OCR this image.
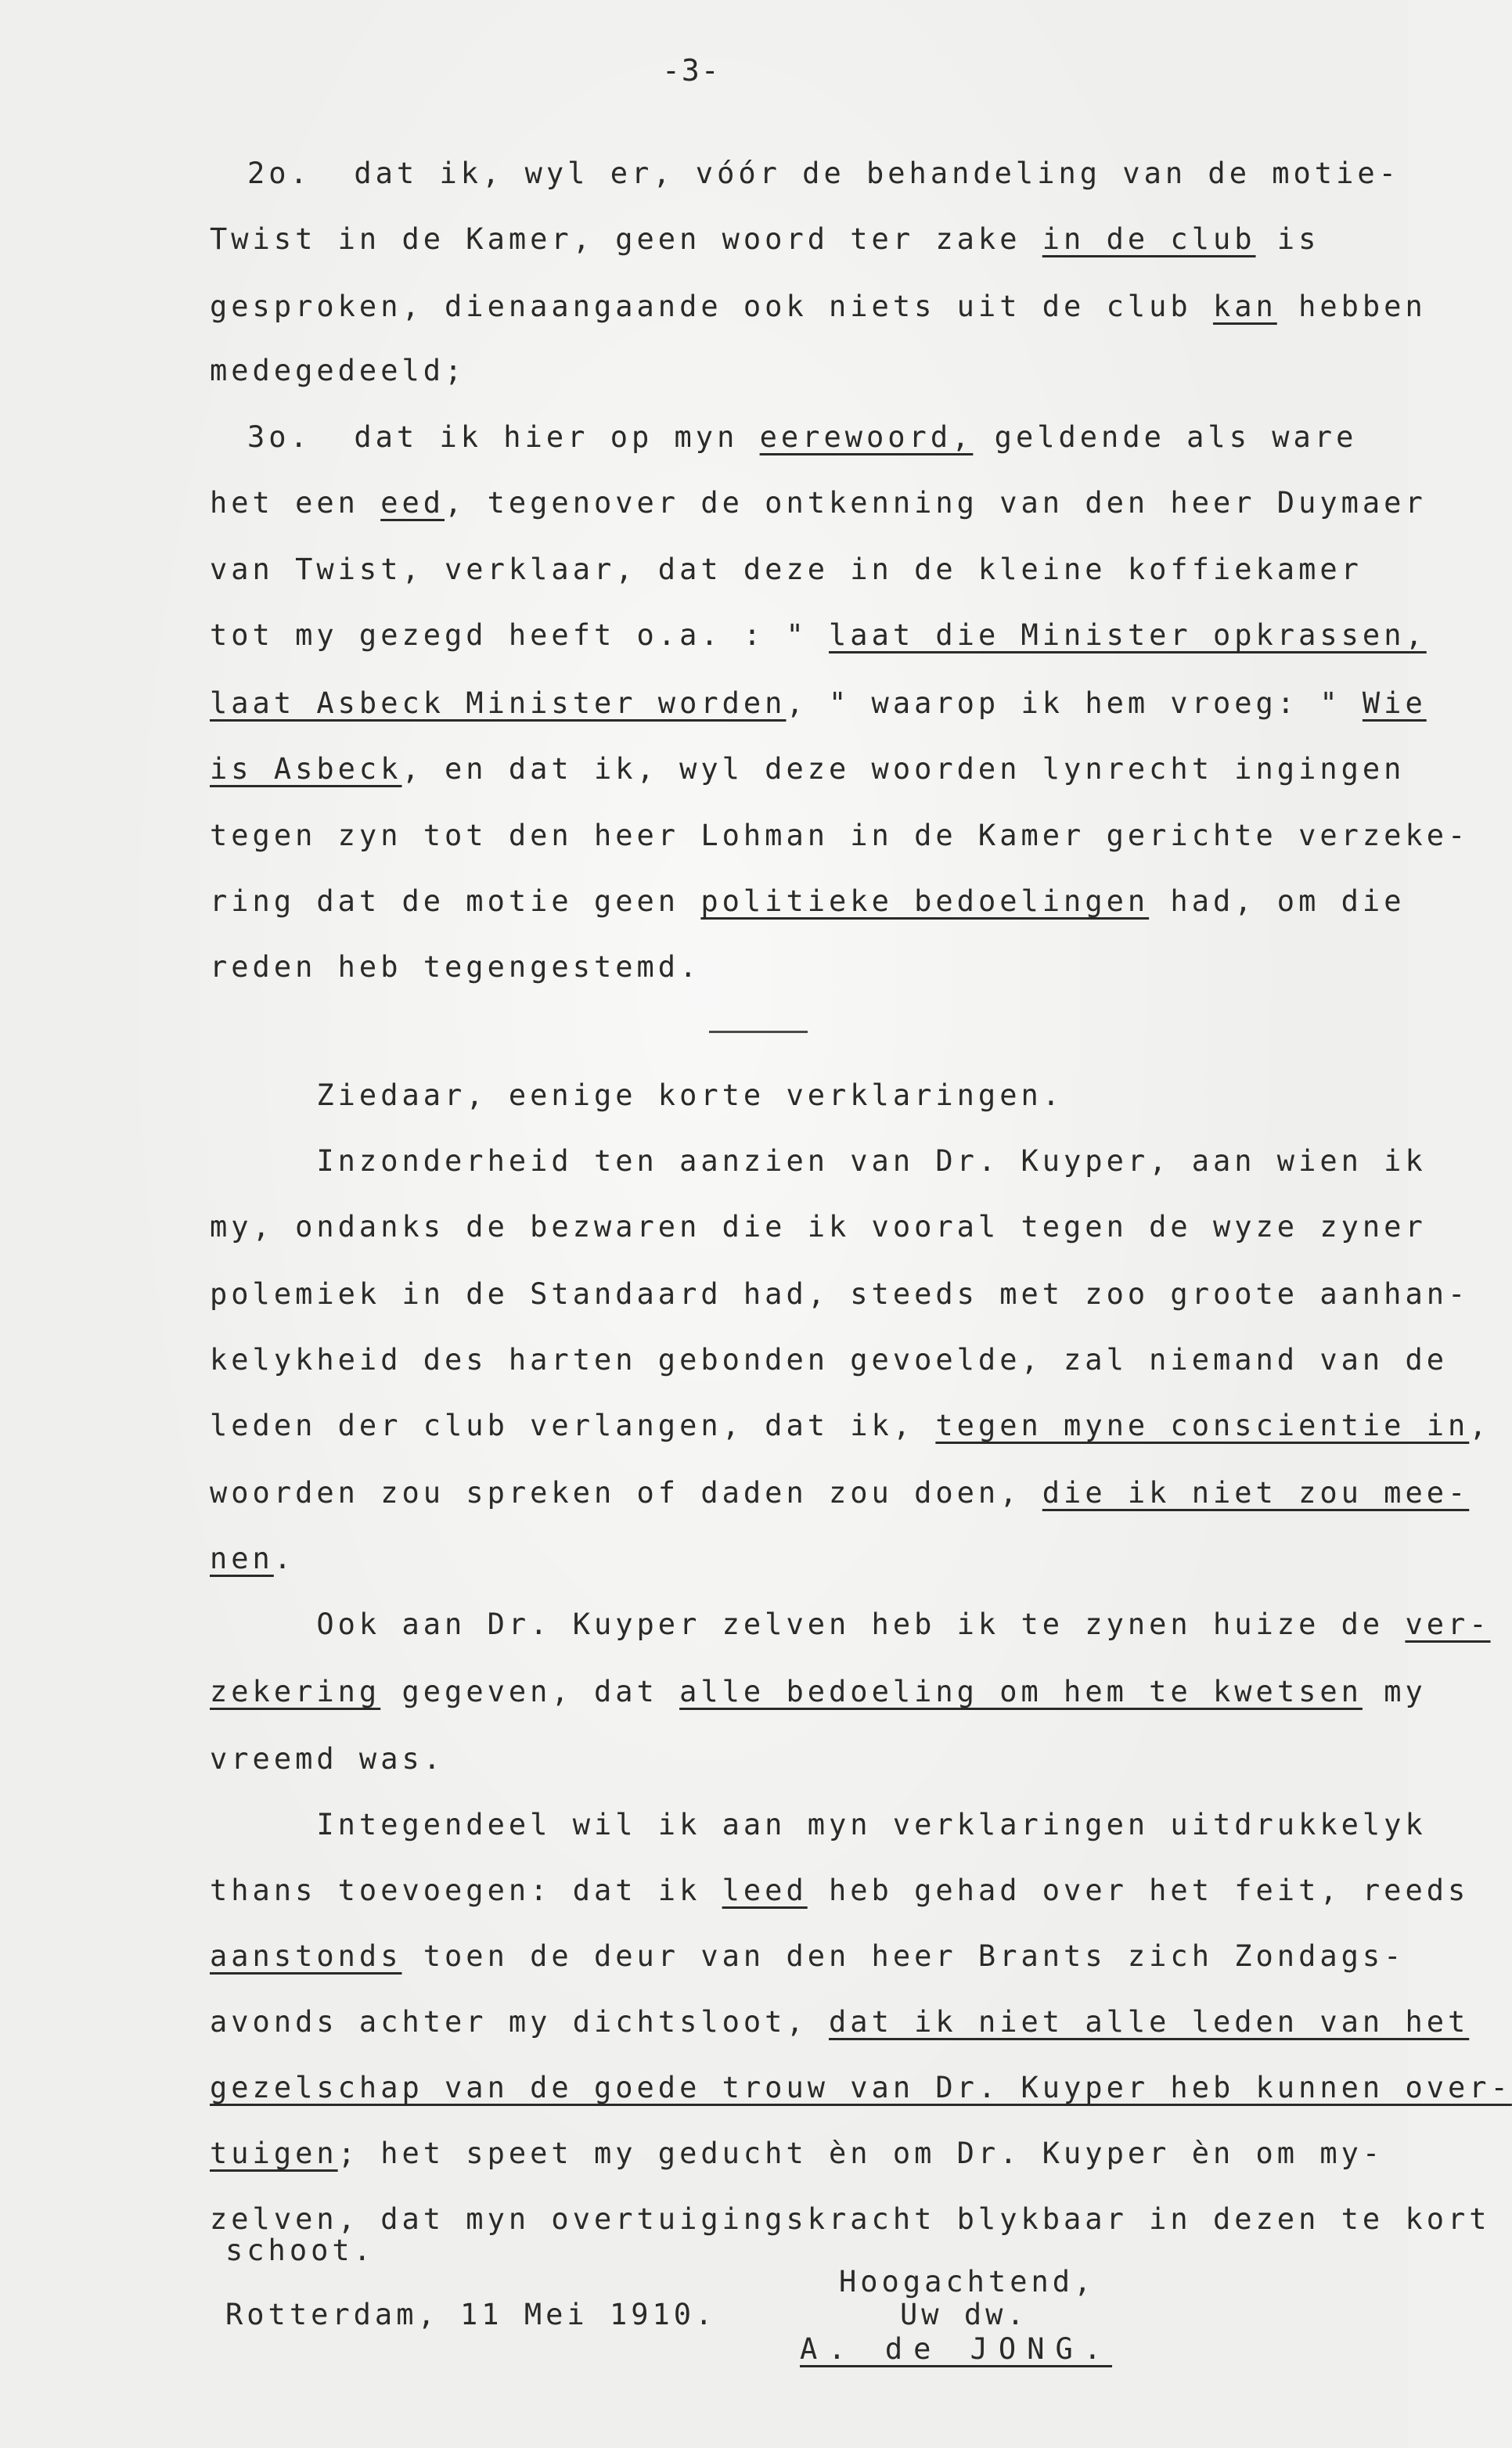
-3-
2o.  dat ik, wyl er, vóór de behandeling van de motie-
Twist in de Kamer, geen woord ter zake in de club is
gesproken, dienaangaande ook niets uit de club kan hebben
medegedeeld;
3o.  dat ik hier op myn eerewoord, geldende als ware
het een eed, tegenover de ontkenning van den heer Duymaer
van Twist, verklaar, dat deze in de kleine koffiekamer
tot my gezegd heeft o.a. : " laat die Minister opkrassen,
laat Asbeck Minister worden, " waarop ik hem vroeg: " Wie
is Asbeck, en dat ik, wyl deze woorden lynrecht ingingen
tegen zyn tot den heer Lohman in de Kamer gerichte verzeke-
ring dat de motie geen politieke bedoelingen had, om die
reden heb tegengestemd.
Ziedaar, eenige korte verklaringen.
Inzonderheid ten aanzien van Dr. Kuyper, aan wien ik
my, ondanks de bezwaren die ik vooral tegen de wyze zyner
polemiek in de Standaard had, steeds met zoo groote aanhan-
kelykheid des harten gebonden gevoelde, zal niemand van de
leden der club verlangen, dat ik, tegen myne conscientie in,
woorden zou spreken of daden zou doen, die ik niet zou mee-
nen.
Ook aan Dr. Kuyper zelven heb ik te zynen huize de ver-
zekering gegeven, dat alle bedoeling om hem te kwetsen my
vreemd was.
Integendeel wil ik aan myn verklaringen uitdrukkelyk
thans toevoegen: dat ik leed heb gehad over het feit, reeds
aanstonds toen de deur van den heer Brants zich Zondags-
avonds achter my dichtsloot, dat ik niet alle leden van het
gezelschap van de goede trouw van Dr. Kuyper heb kunnen over-
tuigen; het speet my geducht èn om Dr. Kuyper èn om my-
zelven, dat myn overtuigingskracht blykbaar in dezen te kort
schoot.
Hoogachtend,
Rotterdam, 11 Mei 1910.	Uw dw.
A. de JONG.
